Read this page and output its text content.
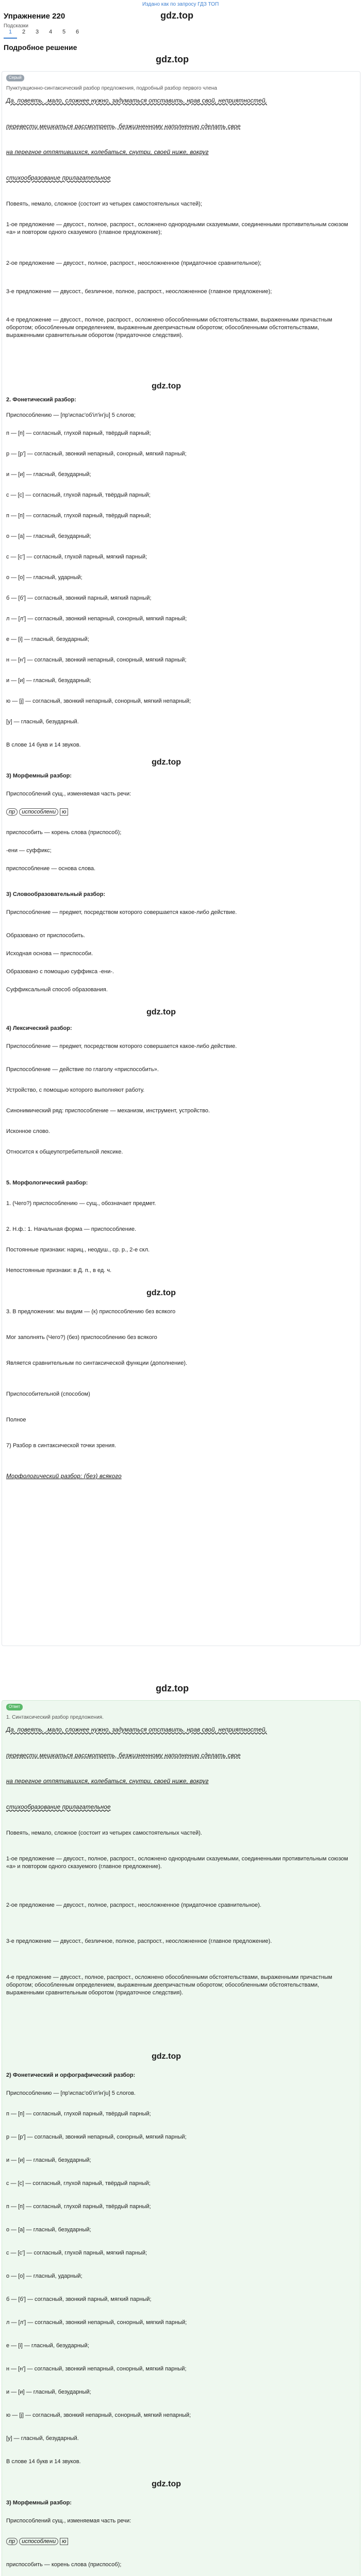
Издано как по запросу ГДЗ ТОП
Упражнение 220	gdz.top
Подсказки
1	2	3	4	5	6
Подробное решение
gdz.top
Серый
Пунктуационно-синтаксический разбор предложения, подробный разбор первого члена
Да, повеять, ,мало, сложнее нужно, задуматься отставить, нрав свой, неприятностей,
перевести мешкаться рассмотреть, безжизненному наполнению сделать свое
на перегное отпятившихся, колебаться, снутри, своей ниже, вокруг
стихообразование прилагательное
Повеять, немало, сложное (состоит из четырех самостоятельных частей);
1-ое предложение — двусост., полное, распрост., осложнено однородными сказуемыми, соединенными противительным союзом «а» и повтором одного сказуемого (главное предложение);
2-ое предложение — двусост., полное, распрост., неосложненное (придаточное сравнительное);
3-е предложение — двусост., безличное, полное, распрост., неосложненное (главное предложение);
4-е предложение — двусост., полное, распрост., осложнено обособленными обстоятельствами, выраженными причастным оборотом; обособленным определением, выраженным деепричастным оборотом; обособленными обстоятельствами, выраженными сравнительным оборотом (придаточное следствия).
gdz.top
2. Фонетический разбор:
Приспособлению — [пр'испас'об'іл'ін'ju] 5 слогов;
п — [п] — согласный, глухой парный, твёрдый парный;
р — [р'] — согласный, звонкий непарный, сонорный, мягкий парный;
и — [и] — гласный, безударный;
с — [с] — согласный, глухой парный, твёрдый парный;
п — [п] — согласный, глухой парный, твёрдый парный;
о — [а] — гласный, безударный;
с — [с'] — согласный, глухой парный, мягкий парный;
о — [о] — гласный, ударный;
б — [б'] — согласный, звонкий парный, мягкий парный;
л — [л'] — согласный, звонкий непарный, сонорный, мягкий парный;
е — [і] — гласный, безударный;
н — [н'] — согласный, звонкий непарный, сонорный, мягкий парный;
и — [и] — гласный, безударный;
ю — [j] — согласный, звонкий непарный, сонорный, мягкий непарный;
[у] — гласный, безударный.
В слове 14 букв и 14 звуков.
gdz.top
3) Морфемный разбор:
Приспособлений сущ., изменяемая часть речи:
пр испособлени ю
приспособить — корень слова (приспособ);
-ени — суффикс;
приспособление — основа слова.
3) Словообразовательный разбор:
Приспособление — предмет, посредством которого совершается какое-либо действие.
Образовано от приспособить.
Исходная основа — приспособи.
Образовано с помощью суффикса -ени-.
Суффиксальный способ образования.
gdz.top
4) Лексический разбор:
Приспособление — предмет, посредством которого совершается какое-либо действие.
Приспособление — действие по глаголу «приспособить».
Устройство, с помощью которого выполняют работу.
Синонимический ряд: приспособление — механизм, инструмент, устройство.
Исконное слово.
Относится к общеупотребительной лексике.
5. Морфологический разбор:
1. (Чего?) приспособлению — сущ., обозначает предмет.
2. Н.ф.: 1. Начальная форма — приспособление.
Постоянные признаки: нариц., неодуш., ср. р., 2-е скл.
Непостоянные признаки: в Д. п., в ед. ч.
gdz.top
3. В предложении: мы видим — (к) приспособлению без всякого
Мог заполнять (Чего?) (без) приспособлению без всякого
Является сравнительным по синтаксической функции (дополнение).
Приспособительной (способом)
Полное
7) Разбор в синтаксической точки зрения.
Морфологический разбор: (без) всякого
gdz.top
Ответ
1. Синтаксический разбор предложения.
Да, повеять, ,мало, сложнее нужно, задуматься отставить, нрав свой, неприятностей,
перевести мешкаться рассмотреть, безжизненному наполнению сделать свое
на перегное отпятившихся, колебаться, снутри, своей ниже, вокруг
стихообразование прилагательное
Повеять, немало, сложное (состоит из четырех самостоятельных частей).
1-ое предложение — двусост., полное, распрост., осложнено однородными сказуемыми, соединенными противительным союзом «а» и повтором одного сказуемого (главное предложение).
2-ое предложение — двусост., полное, распрост., неосложненное (придаточное сравнительное).
3-е предложение — двусост., безличное, полное, распрост., неосложненное (главное предложение).
4-е предложение — двусост., полное, распрост., осложнено обособленными обстоятельствами, выраженными причастным оборотом; обособленным определением, выраженным деепричастным оборотом; обособленными обстоятельствами, выраженными сравнительным оборотом (придаточное следствия).
gdz.top
2) Фонетический и орфографический разбор:
Приспособлению — [пр'испас'об'іл'ін'ju] 5 слогов.
п — [п] — согласный, глухой парный, твёрдый парный;
р — [р'] — согласный, звонкий непарный, сонорный, мягкий парный;
и — [и] — гласный, безударный;
с — [с] — согласный, глухой парный, твёрдый парный;
п — [п] — согласный, глухой парный, твёрдый парный;
о — [а] — гласный, безударный;
с — [с'] — согласный, глухой парный, мягкий парный;
о — [о] — гласный, ударный;
б — [б'] — согласный, звонкий парный, мягкий парный;
л — [л'] — согласный, звонкий непарный, сонорный, мягкий парный;
е — [і] — гласный, безударный;
н — [н'] — согласный, звонкий непарный, сонорный, мягкий парный;
и — [и] — гласный, безударный;
ю — [j] — согласный, звонкий непарный, сонорный, мягкий непарный;
[у] — гласный, безударный.
В слове 14 букв и 14 звуков.
gdz.top
3) Морфемный разбор:
Приспособлений сущ., изменяемая часть речи:
пр испособлени ю
приспособить — корень слова (приспособ);
